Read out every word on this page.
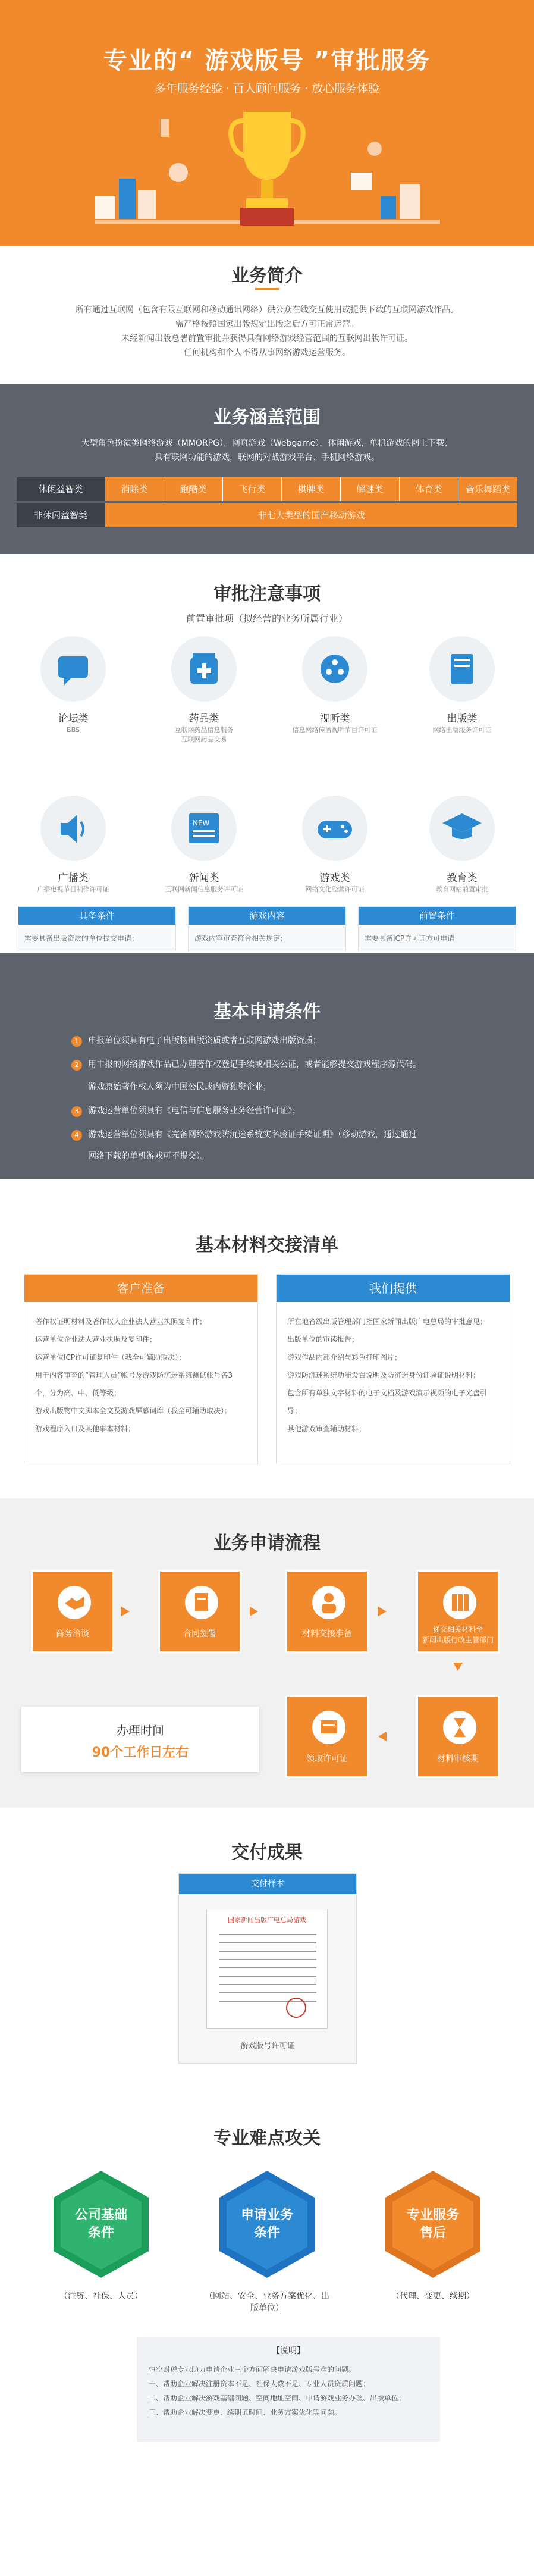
专业的“ 游戏版号 ”审批服务
多年服务经验 · 百人顾问服务 · 放心服务体验
业务简介
所有通过互联网（包含有限互联网和移动通讯网络）供公众在线交互使用或提供下载的互联网游戏作品。
需严格按照国家出版规定出版之后方可正常运营。
未经新闻出版总署前置审批并获得具有网络游戏经营范围的互联网出版许可证。
任何机构和个人不得从事网络游戏运营服务。
业务涵盖范围
大型角色扮演类网络游戏（MMORPG），网页游戏（Webgame），休闲游戏，单机游戏的网上下载、
具有联网功能的游戏，联网的对战游戏平台、手机网络游戏。
休闲益智类	消除类	跑酷类	飞行类	棋牌类	解谜类	体育类	音乐舞蹈类
非休闲益智类	非七大类型的国产移动游戏
审批注意事项
前置审批项（拟经营的业务所属行业）
论坛类
BBS
药品类
互联网药品信息服务
互联网药品交易
视听类
信息网络传播视听节目许可证
出版类
网络出版服务许可证
广播类
广播电视节目制作许可证
NEW
新闻类
互联网新闻信息服务许可证
游戏类
网络文化经营许可证
教育类
教育网站前置审批
具备条件
需要具备出版资质的单位提交申请；
游戏内容
游戏内容审查符合相关规定；
前置条件
需要具备ICP许可证方可申请
基本申请条件
1 申报单位须具有电子出版物出版资质或者互联网游戏出版资质；
2 用申报的网络游戏作品已办理著作权登记手续或相关公证，或者能够提交游戏程序源代码。
游戏原始著作权人须为中国公民或内资独资企业；
3 游戏运营单位须具有《电信与信息服务业务经营许可证》；
4 游戏运营单位须具有《完备网络游戏防沉迷系统实名验证手续证明》（移动游戏，通过通过
网络下载的单机游戏可不提交）。
基本材料交接清单
客户准备
著作权证明材料及著作权人企业法人营业执照复印件；
运营单位企业法人营业执照及复印件；
运营单位ICP许可证复印件（我全可辅助取决）；
用于内容审查的“管理人员”帐号及游戏防沉迷系统测试帐号各3个，分为高、中、低等级；
游戏出版物中文脚本全文及游戏屏幕词库（我全可辅助取决）；
游戏程序入口及其他事本材料；
我们提供
所在地省级出版管理部门指国家新闻出版广电总局的审批意见；
出版单位的审读报告；
游戏作品内部介绍与彩色打印图片；
游戏防沉迷系统功能设置说明及防沉迷身份证验证说明材料；
包含所有单独文字材料的电子文档及游戏演示视频的电子光盘引导；
其他游戏审查辅助材料；
业务申请流程
商务洽谈	合同签署	材料交接准备	递交相关材料至
新闻出版行政主管部门
材料审核期
领取许可证
办理时间
90个工作日左右
交付成果
交付样本
国家新闻出版广电总局游戏
游戏版号许可证
专业难点攻关
公司基础
条件
（注资、社保、人员）
申请业务
条件
（网站、安全、业务方案优化、出版单位）
专业服务
售后
（代理、变更、续期）
【说明】
恒空财税专业助力申请企业三个方面解决申请游戏版号难的问题。
一、帮助企业解决注册资本不足、社保人数不足、专业人员资质问题；
二、帮助企业解决游戏基础问题、空间地址空间、申请游戏业务办理、出版单位；
三、帮助企业解决变更、续期证时间、业务方案优化等问题。
